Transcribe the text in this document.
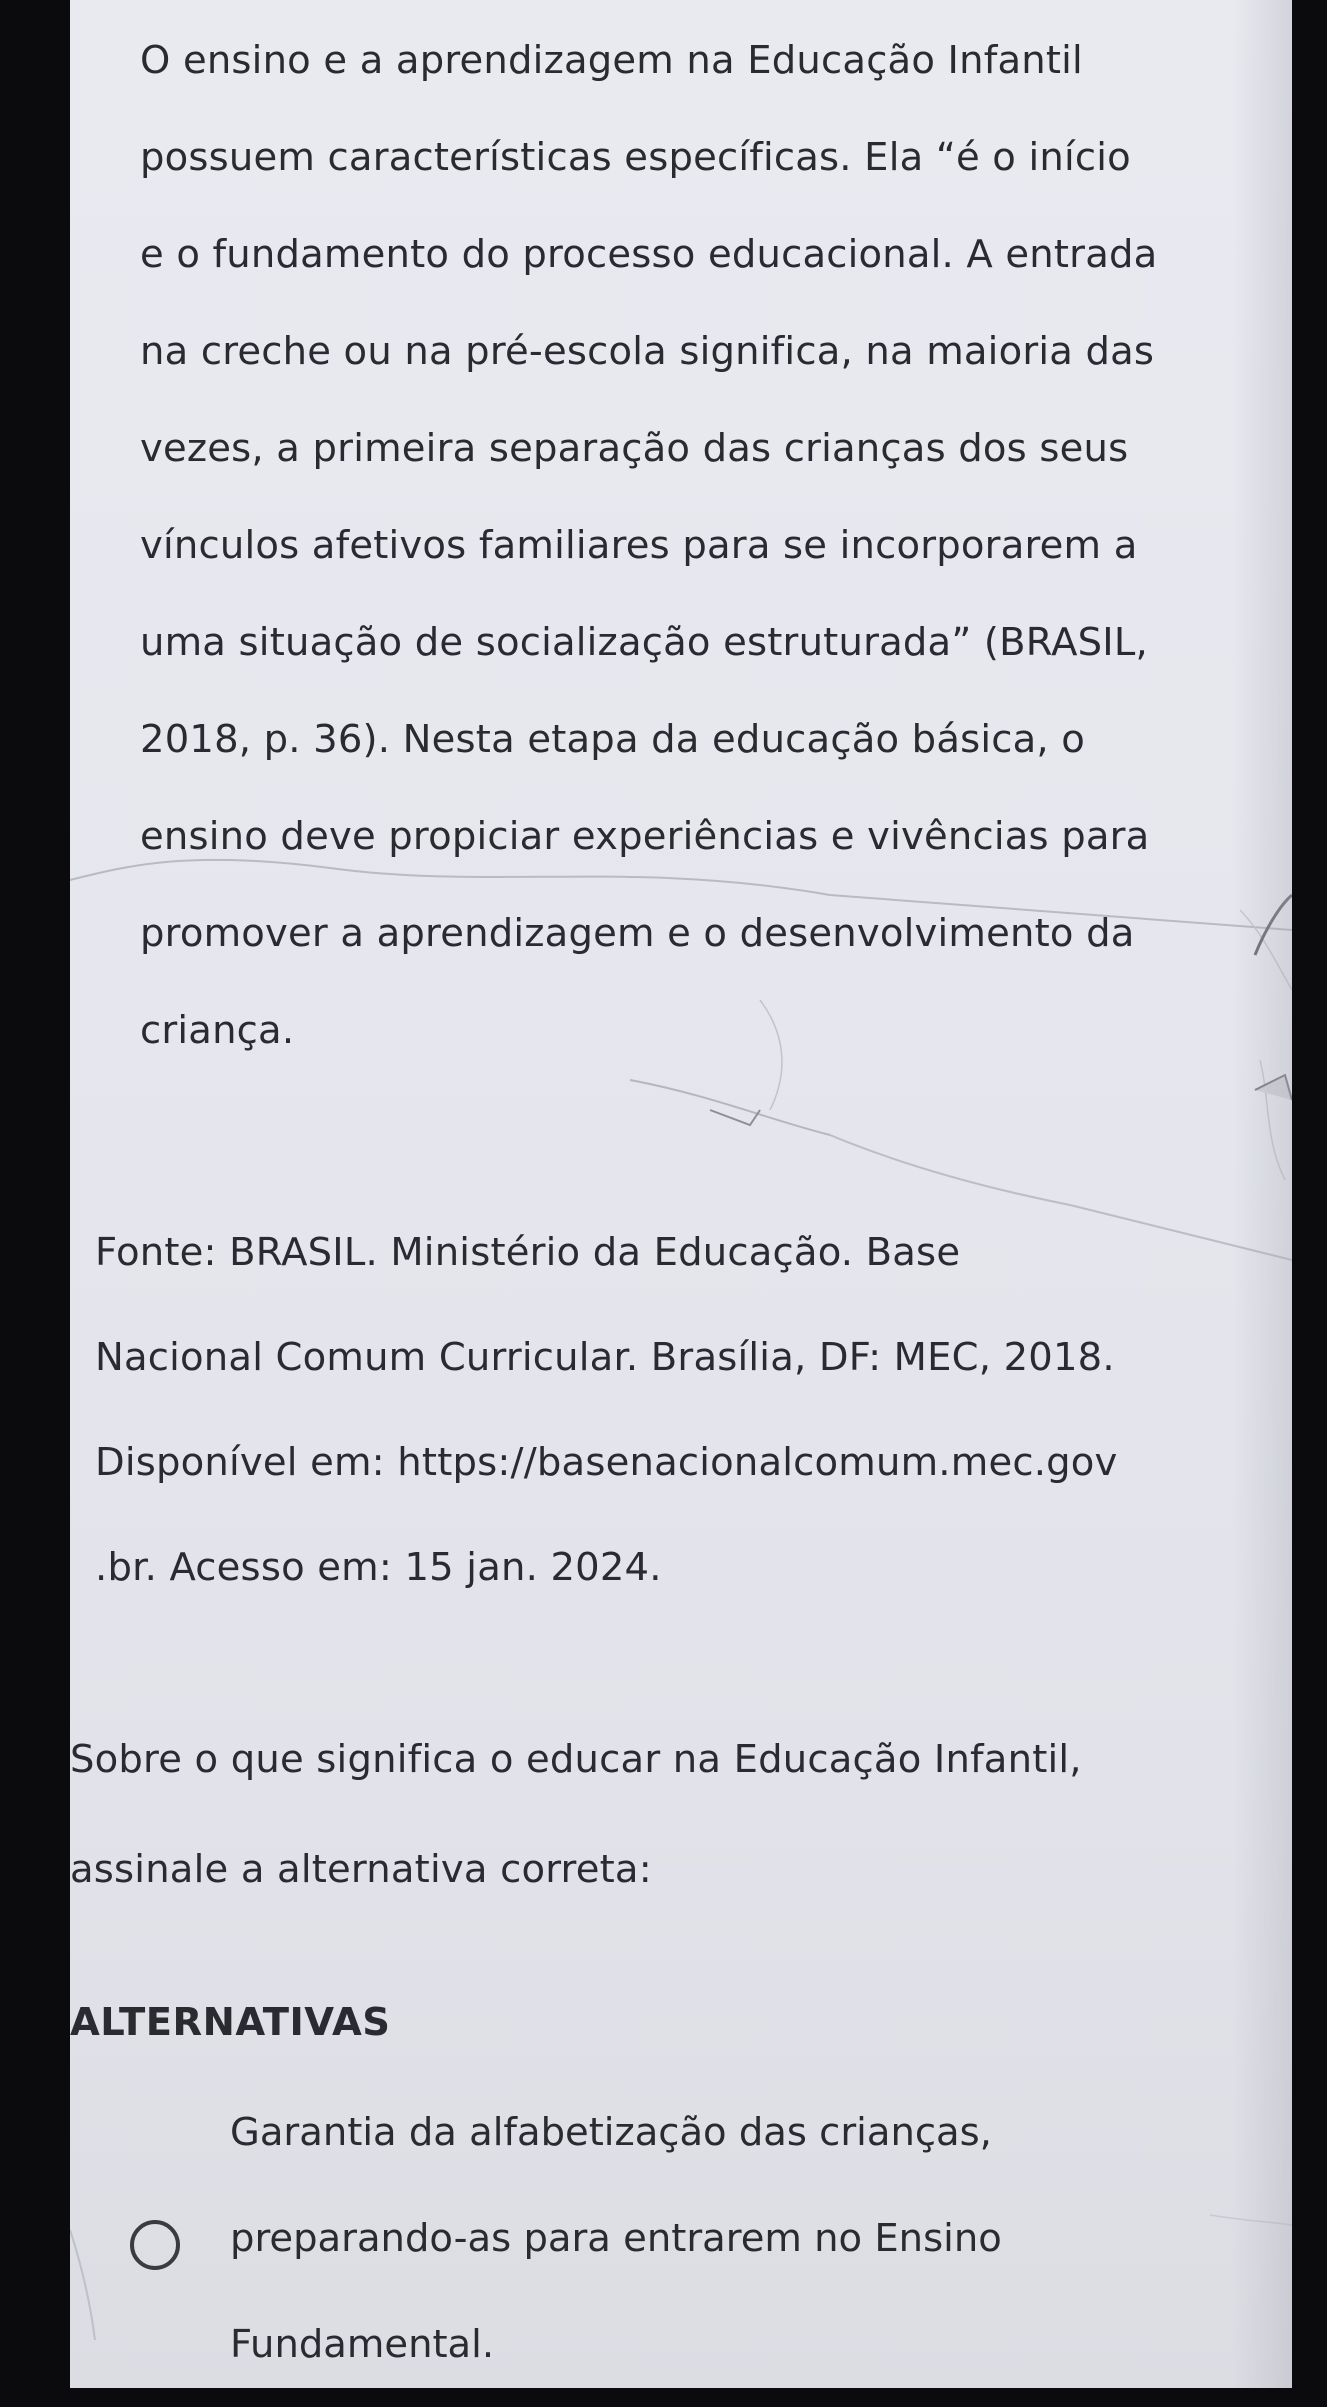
O ensino e a aprendizagem na Educação Infantil
possuem características específicas. Ela “é o início
e o fundamento do processo educacional. A entrada
na creche ou na pré-escola significa, na maioria das
vezes, a primeira separação das crianças dos seus
vínculos afetivos familiares para se incorporarem a
uma situação de socialização estruturada” (BRASIL,
2018, p. 36). Nesta etapa da educação básica, o
ensino deve propiciar experiências e vivências para
promover a aprendizagem e o desenvolvimento da
criança.
Fonte: BRASIL. Ministério da Educação. Base
Nacional Comum Curricular. Brasília, DF: MEC, 2018.
Disponível em: https://basenacionalcomum.mec.gov
.br. Acesso em: 15 jan. 2024.
Sobre o que significa o educar na Educação Infantil,
assinale a alternativa correta:
ALTERNATIVAS
Garantia da alfabetização das crianças,
preparando-as para entrarem no Ensino
Fundamental.
